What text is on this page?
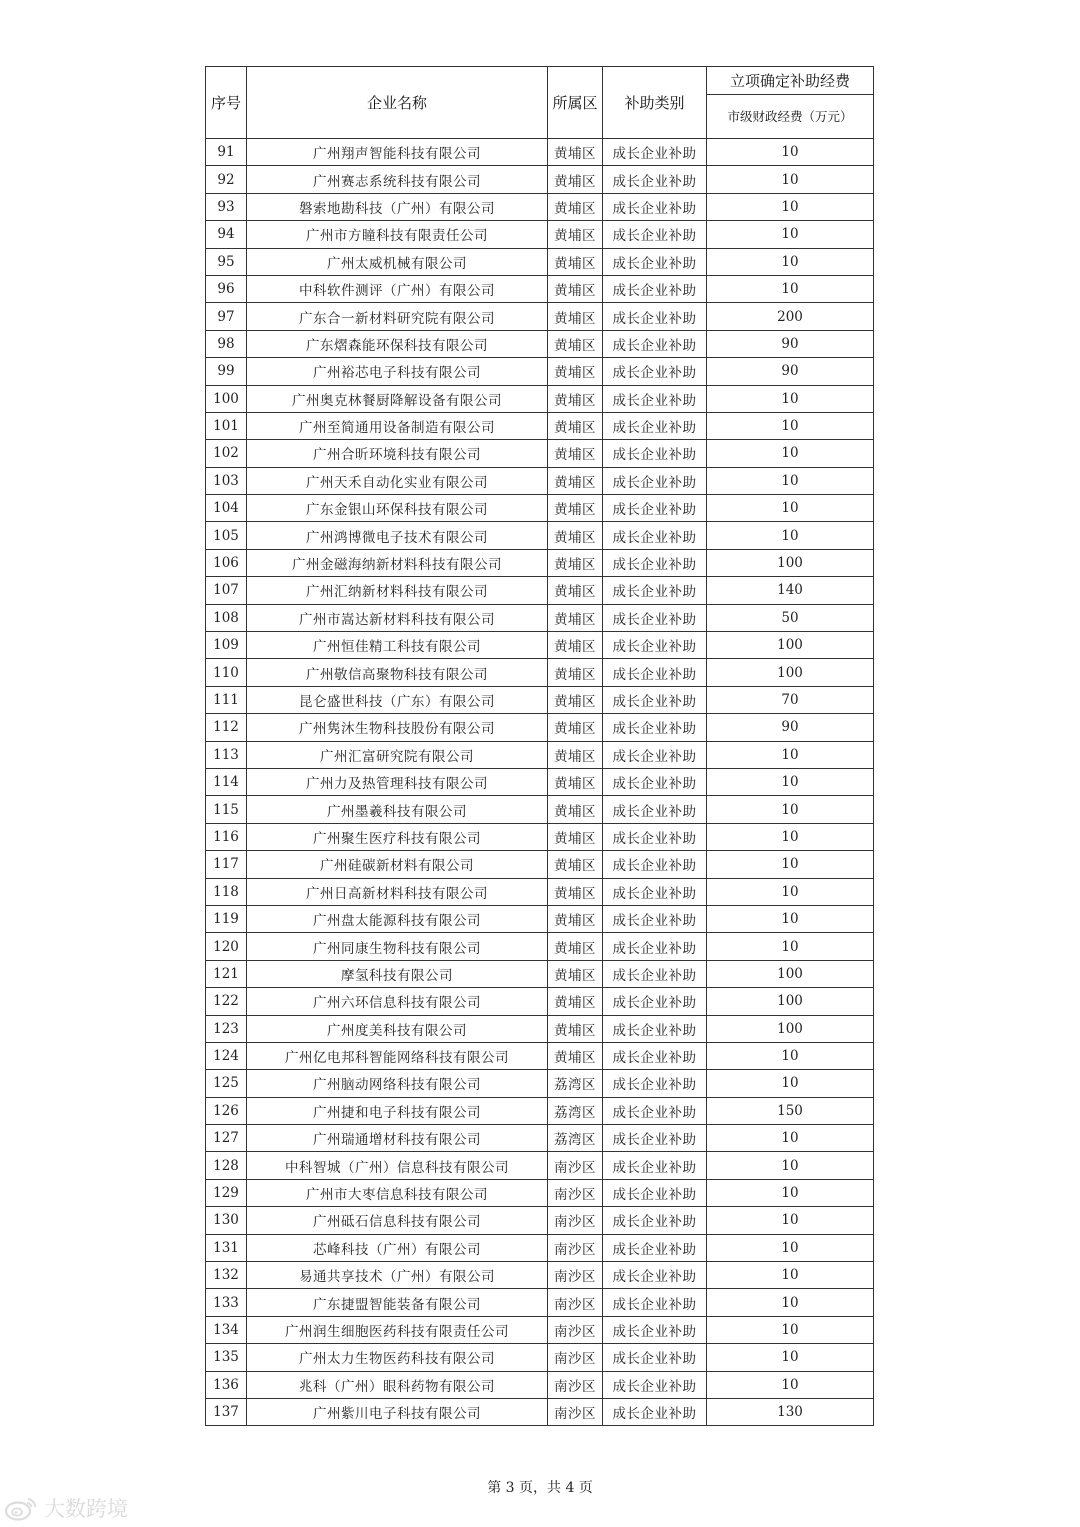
序号	企业名称	所属区	补助类别	立项确定补助经费
				市级财政经费（万元）
91	广州翔声智能科技有限公司	黄埔区	成长企业补助	10
92	广州赛志系统科技有限公司	黄埔区	成长企业补助	10
93	磐索地勘科技（广州）有限公司	黄埔区	成长企业补助	10
94	广州市方瞳科技有限责任公司	黄埔区	成长企业补助	10
95	广州太威机械有限公司	黄埔区	成长企业补助	10
96	中科软件测评（广州）有限公司	黄埔区	成长企业补助	10
97	广东合一新材料研究院有限公司	黄埔区	成长企业补助	200
98	广东熠森能环保科技有限公司	黄埔区	成长企业补助	90
99	广州裕芯电子科技有限公司	黄埔区	成长企业补助	90
100	广州奥克林餐厨降解设备有限公司	黄埔区	成长企业补助	10
101	广州至简通用设备制造有限公司	黄埔区	成长企业补助	10
102	广州合昕环境科技有限公司	黄埔区	成长企业补助	10
103	广州天禾自动化实业有限公司	黄埔区	成长企业补助	10
104	广东金银山环保科技有限公司	黄埔区	成长企业补助	10
105	广州鸿博微电子技术有限公司	黄埔区	成长企业补助	10
106	广州金磁海纳新材料科技有限公司	黄埔区	成长企业补助	100
107	广州汇纳新材料科技有限公司	黄埔区	成长企业补助	140
108	广州市嵩达新材料科技有限公司	黄埔区	成长企业补助	50
109	广州恒佳精工科技有限公司	黄埔区	成长企业补助	100
110	广州敬信高聚物科技有限公司	黄埔区	成长企业补助	100
111	昆仑盛世科技（广东）有限公司	黄埔区	成长企业补助	70
112	广州隽沐生物科技股份有限公司	黄埔区	成长企业补助	90
113	广州汇富研究院有限公司	黄埔区	成长企业补助	10
114	广州力及热管理科技有限公司	黄埔区	成长企业补助	10
115	广州墨羲科技有限公司	黄埔区	成长企业补助	10
116	广州聚生医疗科技有限公司	黄埔区	成长企业补助	10
117	广州硅碳新材料有限公司	黄埔区	成长企业补助	10
118	广州日高新材料科技有限公司	黄埔区	成长企业补助	10
119	广州盘太能源科技有限公司	黄埔区	成长企业补助	10
120	广州同康生物科技有限公司	黄埔区	成长企业补助	10
121	摩氢科技有限公司	黄埔区	成长企业补助	100
122	广州六环信息科技有限公司	黄埔区	成长企业补助	100
123	广州度美科技有限公司	黄埔区	成长企业补助	100
124	广州亿电邦科智能网络科技有限公司	黄埔区	成长企业补助	10
125	广州脑动网络科技有限公司	荔湾区	成长企业补助	10
126	广州捷和电子科技有限公司	荔湾区	成长企业补助	150
127	广州瑞通增材科技有限公司	荔湾区	成长企业补助	10
128	中科智城（广州）信息科技有限公司	南沙区	成长企业补助	10
129	广州市大枣信息科技有限公司	南沙区	成长企业补助	10
130	广州砥石信息科技有限公司	南沙区	成长企业补助	10
131	芯峰科技（广州）有限公司	南沙区	成长企业补助	10
132	易通共享技术（广州）有限公司	南沙区	成长企业补助	10
133	广东捷盟智能装备有限公司	南沙区	成长企业补助	10
134	广州润生细胞医药科技有限责任公司	南沙区	成长企业补助	10
135	广州太力生物医药科技有限公司	南沙区	成长企业补助	10
136	兆科（广州）眼科药物有限公司	南沙区	成长企业补助	10
137	广州紫川电子科技有限公司	南沙区	成长企业补助	130
第 3 页，共 4 页
大数跨境
